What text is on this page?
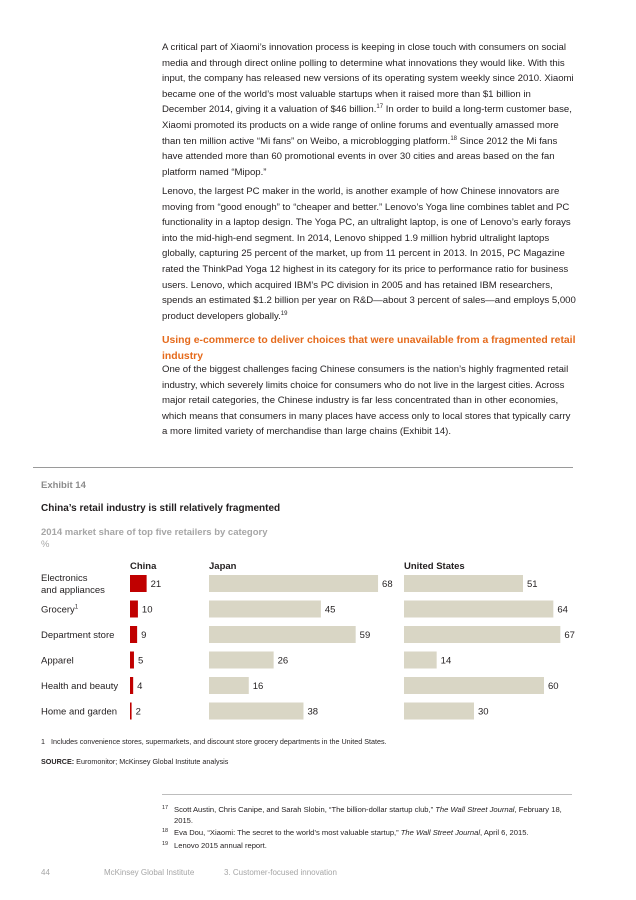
A critical part of Xiaomi’s innovation process is keeping in close touch with consumers on social media and through direct online polling to determine what innovations they would like. With this input, the company has released new versions of its operating system weekly since 2010. Xiaomi became one of the world’s most valuable startups when it raised more than $1 billion in December 2014, giving it a valuation of $46 billion.$^{17}$ In order to build a long-term customer base, Xiaomi promoted its products on a wide range of online forums and eventually amassed more than ten million active “Mi fans” on Weibo, a microblogging platform.$^{18}$ Since 2012 the Mi fans have attended more than 60 promotional events in over 30 cities and areas based on the fan platform named “Mipop.”

Lenovo, the largest PC maker in the world, is another example of how Chinese innovators are moving from “good enough” to “cheaper and better.” Lenovo’s Yoga line combines tablet and PC functionality in a laptop design. The Yoga PC, an ultralight laptop, is one of Lenovo’s early forays into the mid-high-end segment. In 2014, Lenovo shipped 1.9 million hybrid ultralight laptops globally, capturing 25 percent of the market, up from 11 percent in 2013. In 2015, PC Magazine rated the ThinkPad Yoga 12 highest in its category for its price to performance ratio for business users. Lenovo, which acquired IBM’s PC division in 2005 and has retained IBM researchers, spends an estimated $1.2 billion per year on R&D—about 3 percent of sales—and employs 5,000 product developers globally.$^{19}$

Using e-commerce to deliver choices that were unavailable from a fragmented retail industry

One of the biggest challenges facing Chinese consumers is the nation’s highly fragmented retail industry, which severely limits choice for consumers who do not live in the largest cities. Across major retail categories, the Chinese industry is far less concentrated than in other economies, which means that consumers in many places have access only to local stores that typically carry a more limited variety of merchandise than large chains (Exhibit 14).

Exhibit 14
China’s retail industry is still relatively fragmented
2014 market share of top five retailers by category
%
China
21
10
9
5
4
2
Japan
68
45
59
26
16
38
United States
51
64
67
14
60
30
Electronics and appliances
Grocery$^1$
Department store
Apparel
Health and beauty
Home and garden
1 Includes convenience stores, supermarkets, and discount store grocery departments in the United States.
SOURCE: Euromonitor; McKinsey Global Institute analysis
17 Scott Austin, Chris Canipe, and Sarah Slobin, “The billion-dollar startup club,” The Wall Street Journal, February 18, 2015.
18 Eva Dou, “Xiaomi: The secret to the world’s most valuable startup,” The Wall Street Journal, April 6, 2015.
19 Lenovo 2015 annual report.
44	McKinsey Global Institute	3. Customer-focused innovation
